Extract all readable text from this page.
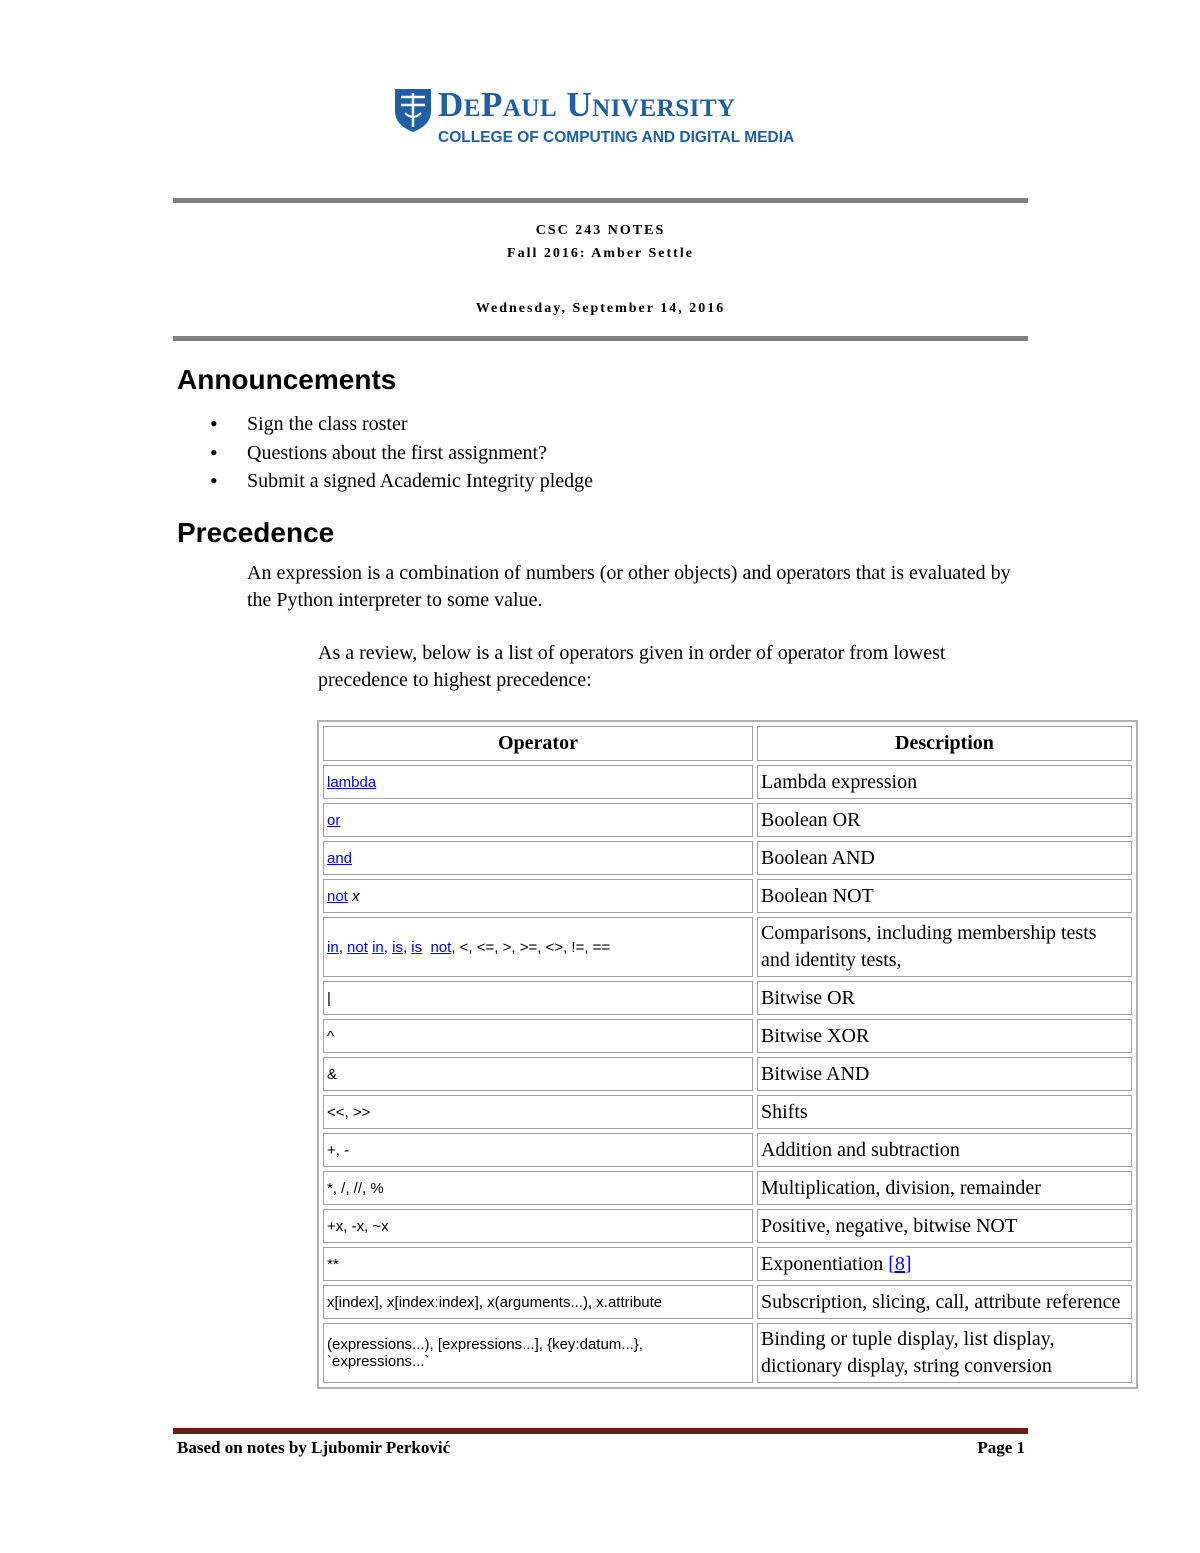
DePaul University
COLLEGE OF COMPUTING AND DIGITAL MEDIA
CSC 243 NOTES
Fall 2016: Amber Settle
Wednesday, September 14, 2016
Announcements
• Sign the class roster
• Questions about the first assignment?
• Submit a signed Academic Integrity pledge
Precedence
An expression is a combination of numbers (or other objects) and operators that is evaluated by the Python interpreter to some value.
As a review, below is a list of operators given in order of operator from lowest precedence to highest precedence:
Operator	Description
lambda	Lambda expression
or	Boolean OR
and	Boolean AND
not x	Boolean NOT
in, not in, is, is not, <, <=, >, >=, <>, !=, ==	Comparisons, including membership tests and identity tests,
|	Bitwise OR
^	Bitwise XOR
&	Bitwise AND
<<, >>	Shifts
+, -	Addition and subtraction
*, /, //, %	Multiplication, division, remainder
+x, -x, ~x	Positive, negative, bitwise NOT
**	Exponentiation [8]
x[index], x[index:index], x(arguments...), x.attribute	Subscription, slicing, call, attribute reference
(expressions...), [expressions...], {key:datum...}, `expressions...`	Binding or tuple display, list display, dictionary display, string conversion
Based on notes by Ljubomir Perković	Page 1
